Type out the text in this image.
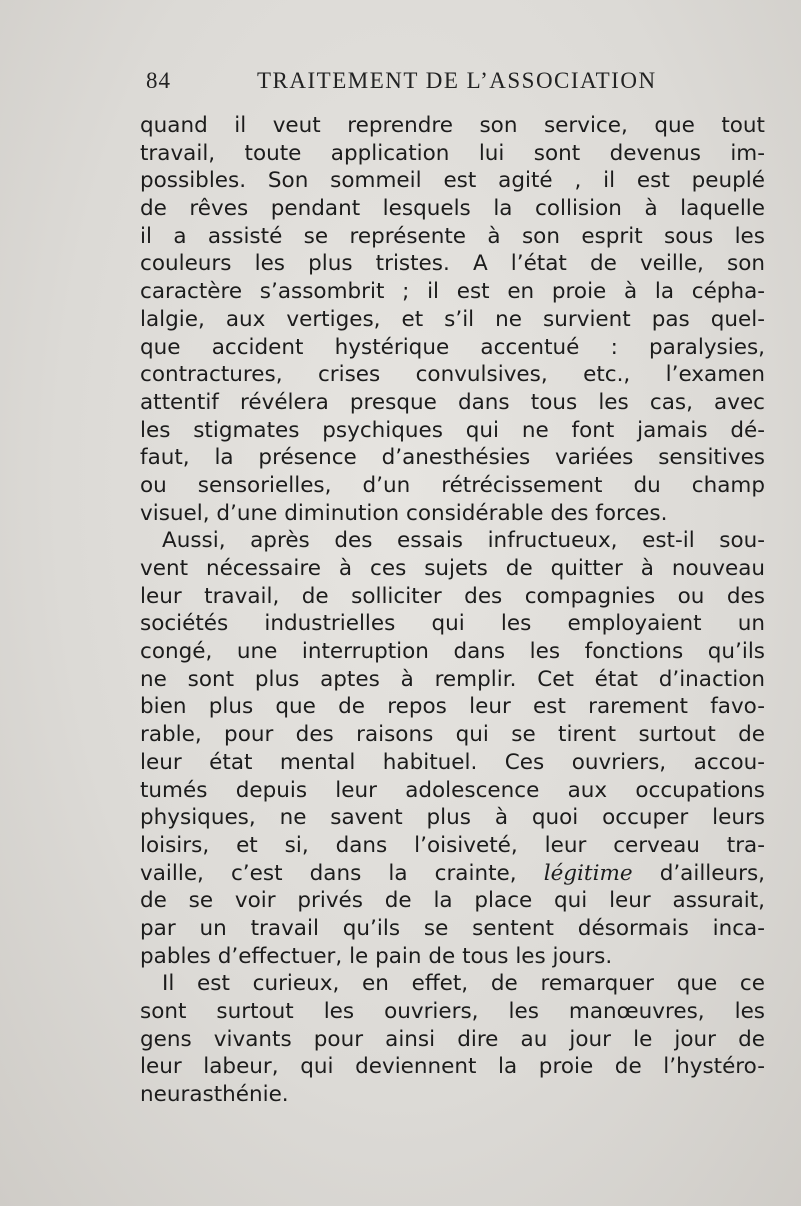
84	TRAITEMENT DE L’ASSOCIATION
quand il veut reprendre son service, que tout
travail, toute application lui sont devenus im-
possibles. Son sommeil est agité , il est peuplé
de rêves pendant lesquels la collision à laquelle
il a assisté se représente à son esprit sous les
couleurs les plus tristes. A l’état de veille, son
caractère s’assombrit ; il est en proie à la cépha-
lalgie, aux vertiges, et s’il ne survient pas quel-
que accident hystérique accentué : paralysies,
contractures, crises convulsives, etc., l’examen
attentif révélera presque dans tous les cas, avec
les stigmates psychiques qui ne font jamais dé-
faut, la présence d’anesthésies variées sensitives
ou sensorielles, d’un rétrécissement du champ
visuel, d’une diminution considérable des forces.
Aussi, après des essais infructueux, est-il sou-
vent nécessaire à ces sujets de quitter à nouveau
leur travail, de solliciter des compagnies ou des
sociétés industrielles qui les employaient un
congé, une interruption dans les fonctions qu’ils
ne sont plus aptes à remplir. Cet état d’inaction
bien plus que de repos leur est rarement favo-
rable, pour des raisons qui se tirent surtout de
leur état mental habituel. Ces ouvriers, accou-
tumés depuis leur adolescence aux occupations
physiques, ne savent plus à quoi occuper leurs
loisirs, et si, dans l’oisiveté, leur cerveau tra-
vaille, c’est dans la crainte, légitime d’ailleurs,
de se voir privés de la place qui leur assurait,
par un travail qu’ils se sentent désormais inca-
pables d’effectuer, le pain de tous les jours.
Il est curieux, en effet, de remarquer que ce
sont surtout les ouvriers, les manœuvres, les
gens vivants pour ainsi dire au jour le jour de
leur labeur, qui deviennent la proie de l’hystéro-
neurasthénie.
